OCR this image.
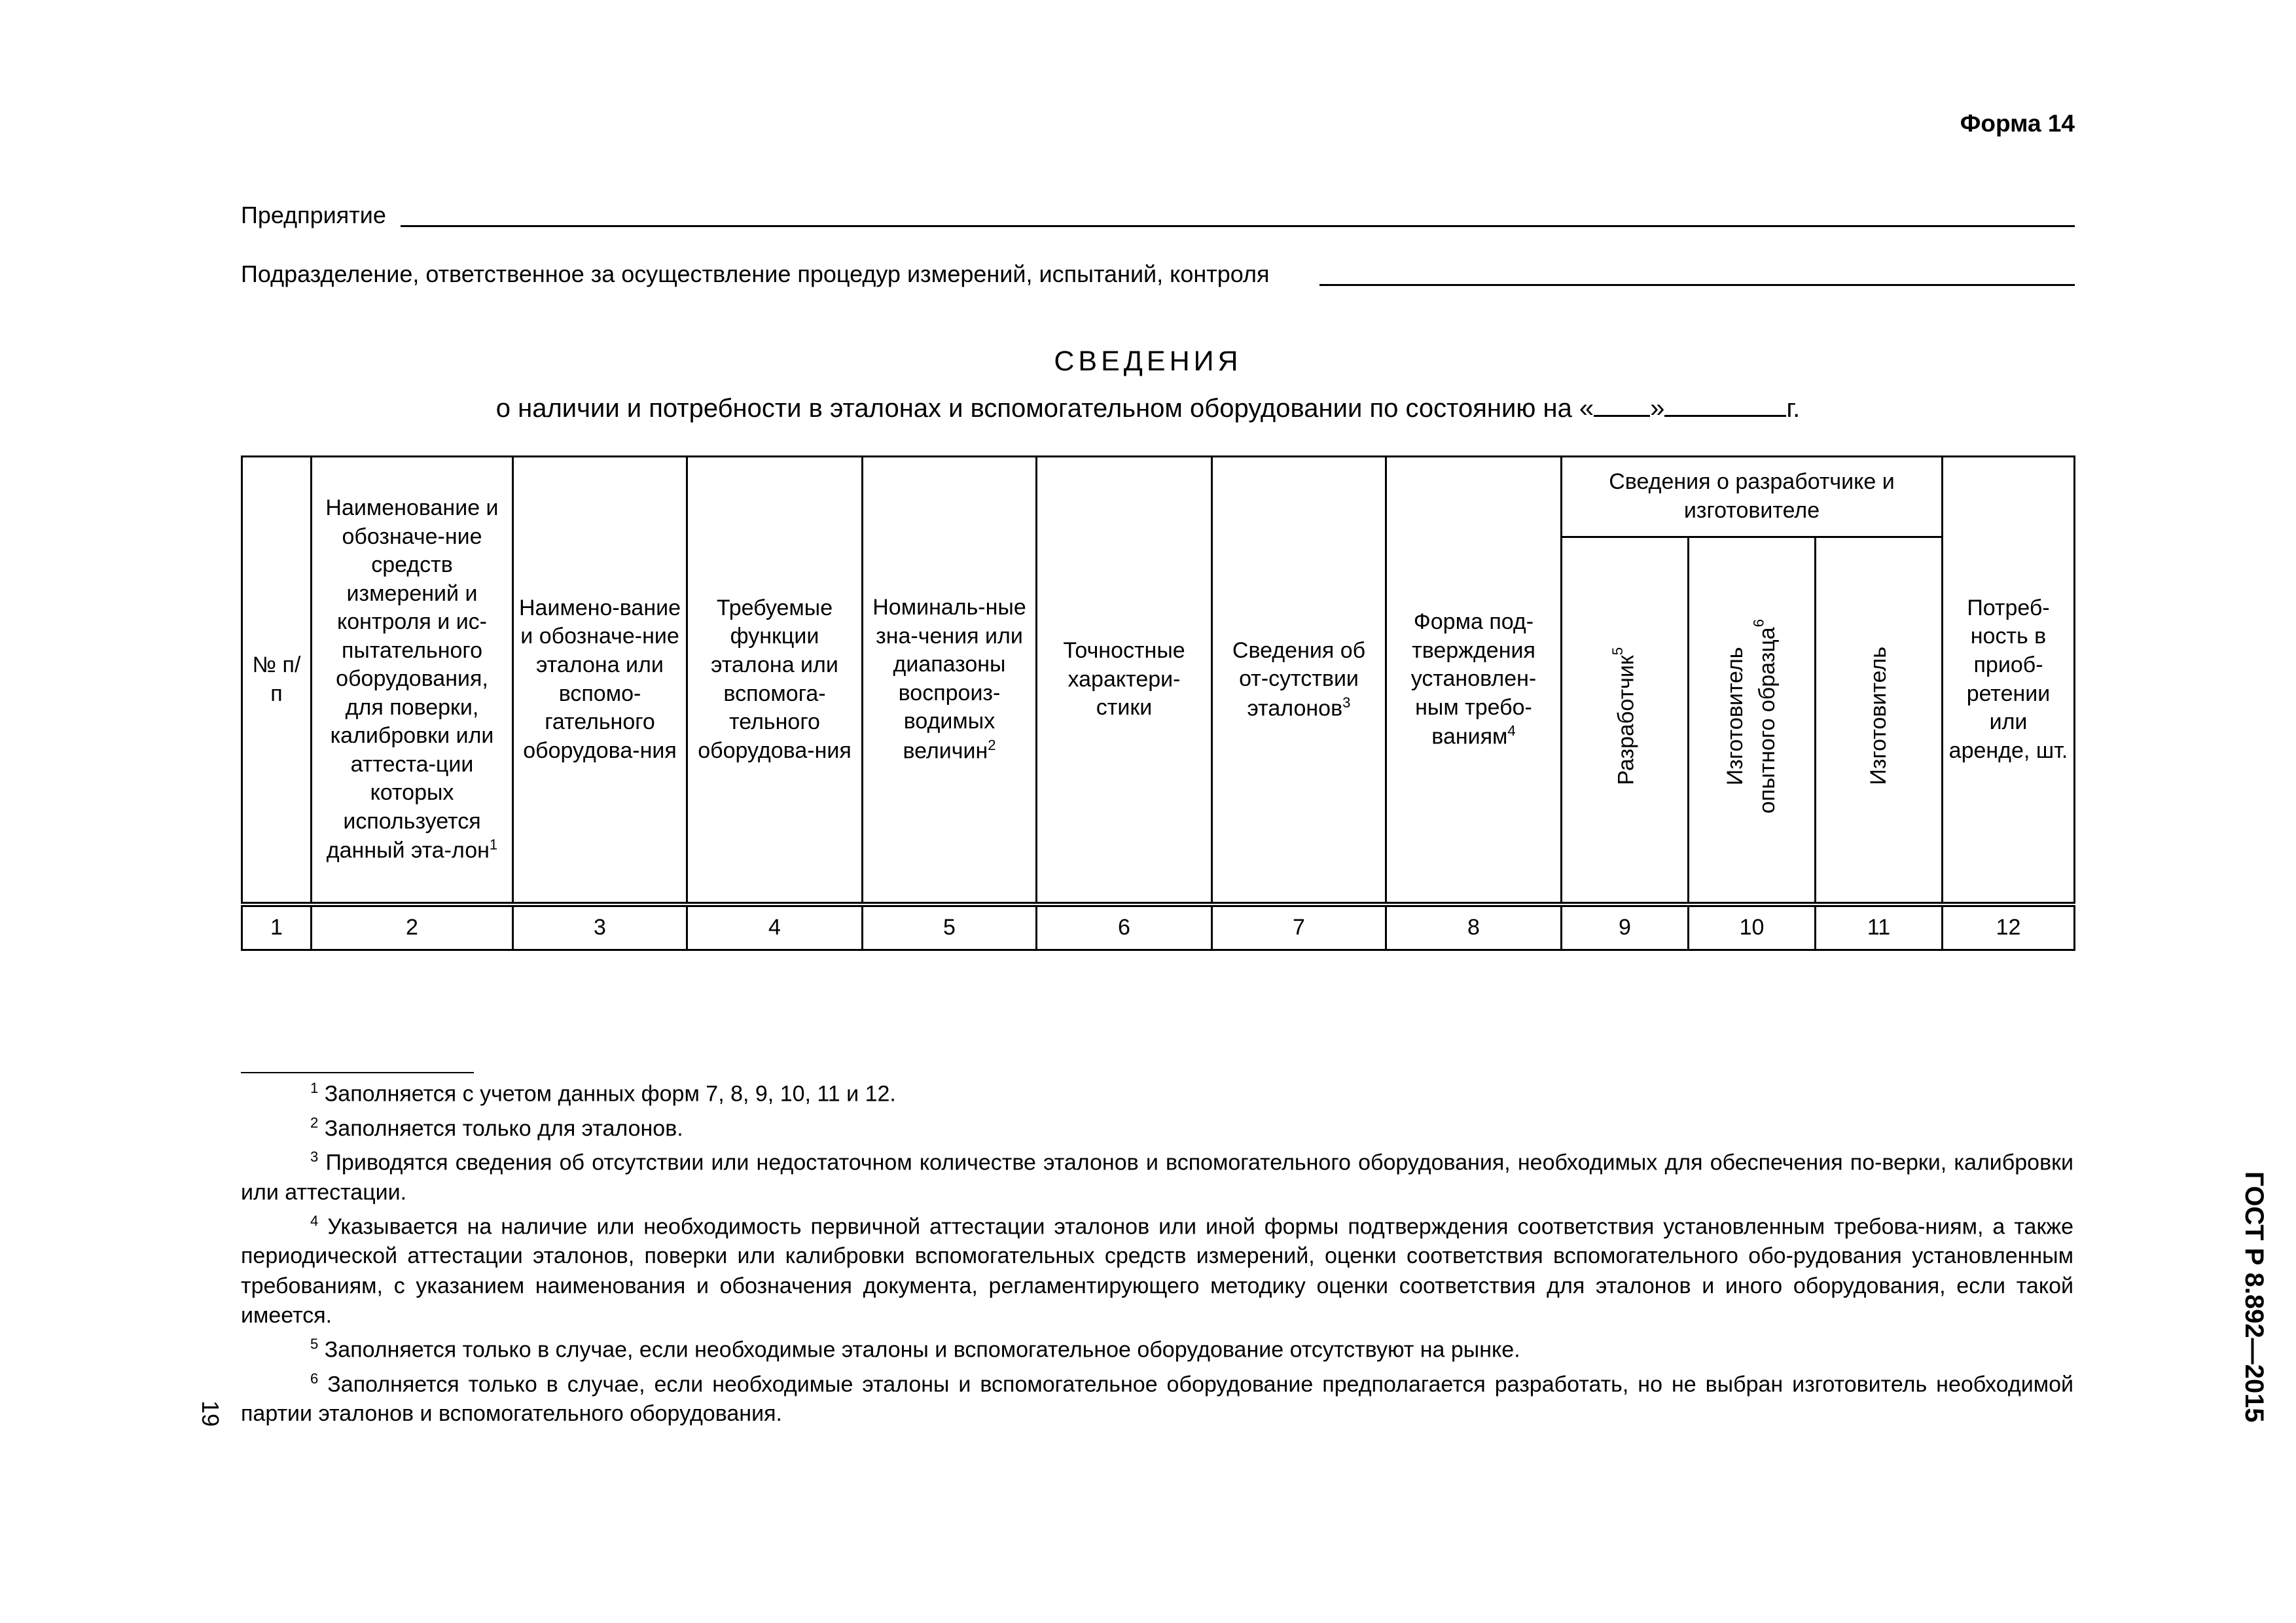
Форма 14
Предприятие
Подразделение, ответственное за осуществление процедур измерений, испытаний, контроля
СВЕДЕНИЯ
о наличии и потребности в эталонах и вспомогательном оборудовании по состоянию на « »	г.
№ п/п	Наименование и обозначе-ние средств измерений и контроля и ис-пытательного оборудования, для поверки, калибровки или аттеста-ции которых используется данный эта-лон$^1$	Наимено-вание и обозначе-ние эталона или вспомо-гательного оборудова-ния	Требуемые функции эталона или вспомога-тельного оборудова-ния	Номиналь-ные зна-чения или диапазоны воспроиз-водимых величин$^2$	Точностные характери-стики	Сведения об от-сутствии эталонов$^3$	Форма под-тверждения установлен-ным требо-ваниям$^4$	Сведения о разработчике и изготовителе			Потреб-ность в приоб-ретении или аренде, шт.
								Разработчик$^5$	Изготовитель опытного образца$^6$	Изготовитель	
1	2	3	4	5	6	7	8	9	10	11	12

$^1$ Заполняется с учетом данных форм 7, 8, 9, 10, 11 и 12.

$^2$ Заполняется только для эталонов.

$^3$ Приводятся сведения об отсутствии или недостаточном количестве эталонов и вспомогательного оборудования, необходимых для обеспечения по-верки, калибровки или аттестации.

$^4$ Указывается на наличие или необходимость первичной аттестации эталонов или иной формы подтверждения соответствия установленным требова-ниям, а также периодической аттестации эталонов, поверки или калибровки вспомогательных средств измерений, оценки соответствия вспомогательного обо-рудования установленным требованиям, с указанием наименования и обозначения документа, регламентирующего методику оценки соответствия для эталонов и иного оборудования, если такой имеется.

$^5$ Заполняется только в случае, если необходимые эталоны и вспомогательное оборудование отсутствуют на рынке.

$^6$ Заполняется только в случае, если необходимые эталоны и вспомогательное оборудование предполагается разработать, но не выбран изготовитель необходимой партии эталонов и вспомогательного оборудования.	ГОСТ Р 8.892—2015
19
